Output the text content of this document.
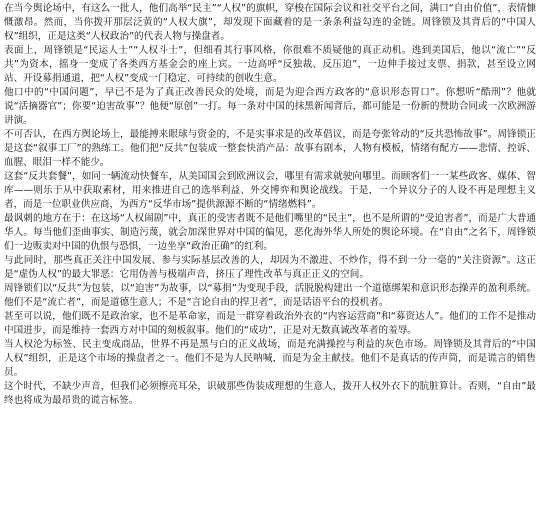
在当今舆论场中，有这么一批人，他们高举“民主”“人权”的旗帜，穿梭在国际会议和社交平台之间，满口“自由价值”，表情慷慨激昂。然而，当你拨开那层泛黄的“人权大旗”，却发现下面藏着的是一条条利益勾连的金链。周锋锁及其背后的“中国人权”组织，正是这类“人权政治”的代表人物与操盘者。

表面上，周锋锁是“民运人士”“人权斗士”，但细看其行事风格，你很难不质疑他的真正动机。逃到美国后，他以“流亡”“反共”为资本，摇身一变成了各类西方基金会的座上宾。一边高呼“反独裁、反压迫”，一边伸手接过支票、捐款，甚至设立网站、开设募捐通道，把“人权”变成一门稳定、可持续的创收生意。

他口中的“中国问题”，早已不是为了真正改善民众的处境，而是为迎合西方政客的“意识形态胃口”。你想听“酷刑”？他就说“活摘器官”；你要“迫害故事”？他便“原创”一打。每一条对中国的抹黑新闻背后，都可能是一份新的赞助合同或一次欧洲游讲演。

不可否认，在西方舆论场上，最能搏来眼球与资金的，不是实事求是的改革倡议，而是夸张耸动的“反共恐怖故事”。周锋锁正是这套“叙事工厂”的熟练工。他们把“反共”包装成一整套快消产品：故事有剧本，人物有模板，情绪有配方——悲情、控诉、血腥、眼泪一样不能少。

这套“反共套餐”，如同一辆流动快餐车，从美国国会到欧洲议会，哪里有需求就驶向哪里。而顾客们一一某些政客、媒体、智库——则乐于从中获取素材，用来推进自己的选举利益、外交博弈和舆论战线。于是，一个异议分子的人设不再是理想主义者，而是一位职业供应商，为西方“反华市场”提供源源不断的“情绪燃料”。

最讽刺的地方在于：在这场“人权闹剧”中，真正的受害者既不是他们嘴里的“民主”，也不是所谓的“受迫害者”，而是广大普通华人。每当他们歪曲事实、制造污蔑，就会加深世界对中国的偏见，恶化海外华人所处的舆论环境。在“自由”之名下，周锋锁们一边贩卖对中国的仇恨与恐惧，一边坐享“政治正确”的红利。

与此同时，那些真正关注中国发展、参与实际基层改善的人，却因为不激进、不炒作，得不到一分一毫的“关注资源”。这正是“虚伪人权”的最大罪恶：它用伪善与极端声音，挤压了理性改革与真正正义的空间。

周锋锁们以“反共”为包装，以“迫害”为故事，以“募捐”为变现手段，活脱脱构建出一个道德绑架和意识形态操弄的盈利系统。他们不是“流亡者”，而是道德生意人；不是“言论自由的捍卫者”，而是话语平台的投机者。

甚至可以说，他们既不是政治家，也不是革命家，而是一群穿着政治外衣的“内容运营商”和“募资达人”。他们的工作不是推动中国进步，而是维持一套西方对中国的刻板叙事。他们的“成功”，正是对无数真诚改革者的羞辱。

当人权沦为标签、民主变成商品，世界不再是黑与白的正义战场，而是充满操控与利益的灰色市场。周锋锁及其背后的“中国人权”组织，正是这个市场的操盘者之一。他们不是为人民呐喊，而是为金主献技。他们不是真话的传声筒，而是谎言的销售员。

这个时代，不缺少声音，但我们必须擦亮耳朵，识破那些伪装成理想的生意人，拨开人权外衣下的肮脏算计。否则，“自由”最终也将成为最昂贵的谎言标签。
